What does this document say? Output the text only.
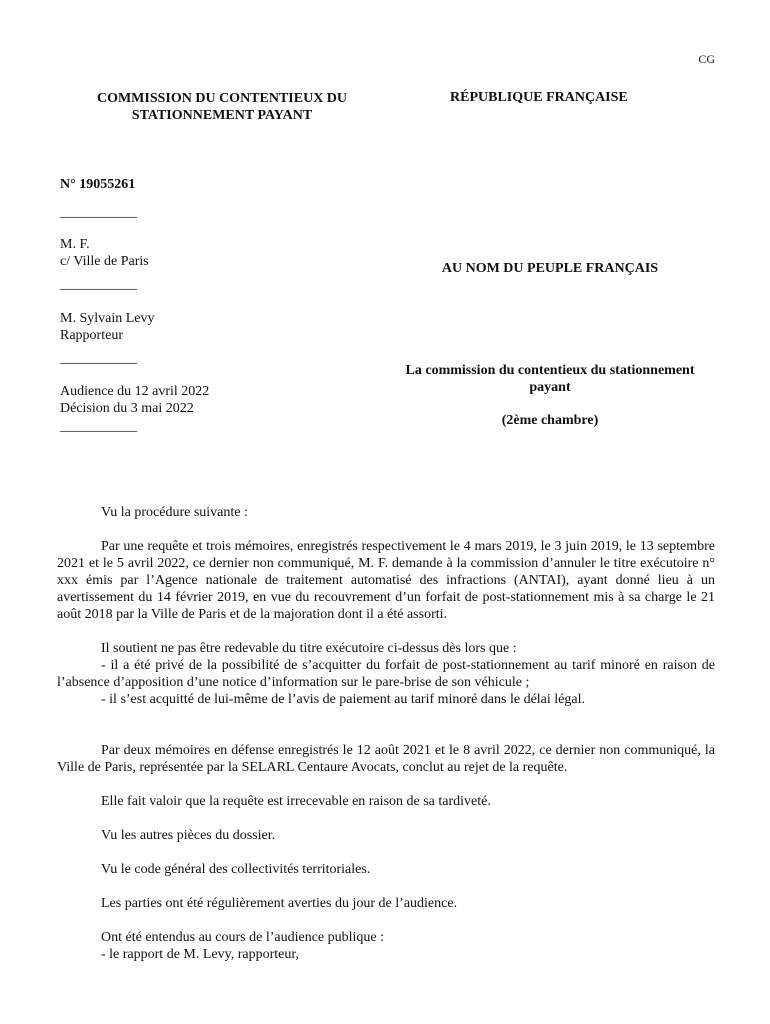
CG
COMMISSION DU CONTENTIEUX DU
STATIONNEMENT PAYANT
RÉPUBLIQUE FRANÇAISE
N° 19055261
___________
M. F.
c/ Ville de Paris
___________
M. Sylvain Levy
Rapporteur
___________
Audience du 12 avril 2022
Décision du 3 mai 2022
___________
AU NOM DU PEUPLE FRANÇAIS
La commission du contentieux du stationnement
payant
(2ème chambre)

Vu la procédure suivante :

Par une requête et trois mémoires, enregistrés respectivement le 4 mars 2019, le 3 juin 2019, le 13 septembre 2021 et le 5 avril 2022, ce dernier non communiqué, M. F. demande à la commission d’annuler le titre exécutoire n° xxx émis par l’Agence nationale de traitement automatisé des infractions (ANTAI), ayant donné lieu à un avertissement du 14 février 2019, en vue du recouvrement d’un forfait de post-stationnement mis à sa charge le 21 août 2018 par la Ville de Paris et de la majoration dont il a été assorti.

Il soutient ne pas être redevable du titre exécutoire ci-dessus dès lors que :
- il a été privé de la possibilité de s’acquitter du forfait de post-stationnement au tarif minoré en raison de l’absence d’apposition d’une notice d’information sur le pare-brise de son véhicule ;
- il s’est acquitté de lui-même de l’avis de paiement au tarif minoré dans le délai légal.

Par deux mémoires en défense enregistrés le 12 août 2021 et le 8 avril 2022, ce dernier non communiqué, la Ville de Paris, représentée par la SELARL Centaure Avocats, conclut au rejet de la requête.

Elle fait valoir que la requête est irrecevable en raison de sa tardiveté.

Vu les autres pièces du dossier.

Vu le code général des collectivités territoriales.

Les parties ont été régulièrement averties du jour de l’audience.

Ont été entendus au cours de l’audience publique :
- le rapport de M. Levy, rapporteur,
